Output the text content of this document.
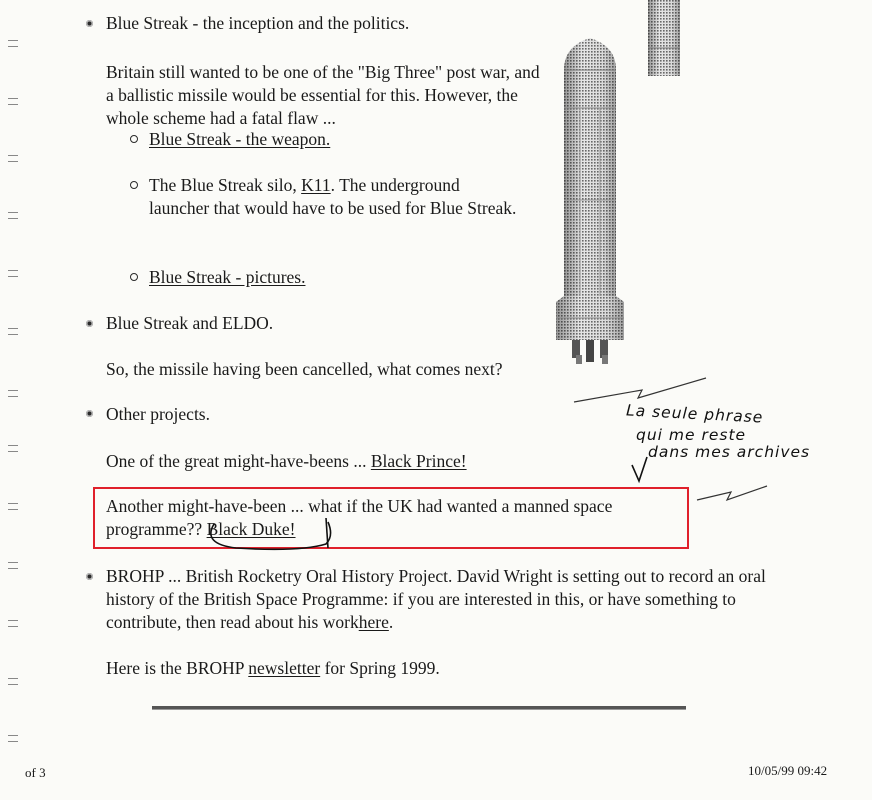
Blue Streak - the inception and the politics.
Britain still wanted to be one of the "Big Three" post war, and a ballistic missile would be essential for this. However, the whole scheme had a fatal flaw ...
Blue Streak - the weapon.
The Blue Streak silo, K11. The underground launcher that would have to be used for Blue Streak.
Blue Streak - pictures.
Blue Streak and ELDO.
So, the missile having been cancelled, what comes next?
Other projects.
One of the great might-have-beens ... Black Prince!
Another might-have-been ... what if the UK had wanted a manned space programme?? Black Duke!
La seule phrase
qui me reste
dans mes archives
BROHP ... British Rocketry Oral History Project. David Wright is setting out to record an oral history of the British Space Programme: if you are interested in this, or have something to contribute, then read about his workhere.
Here is the BROHP newsletter for Spring 1999.
of 3	10/05/99 09:42
